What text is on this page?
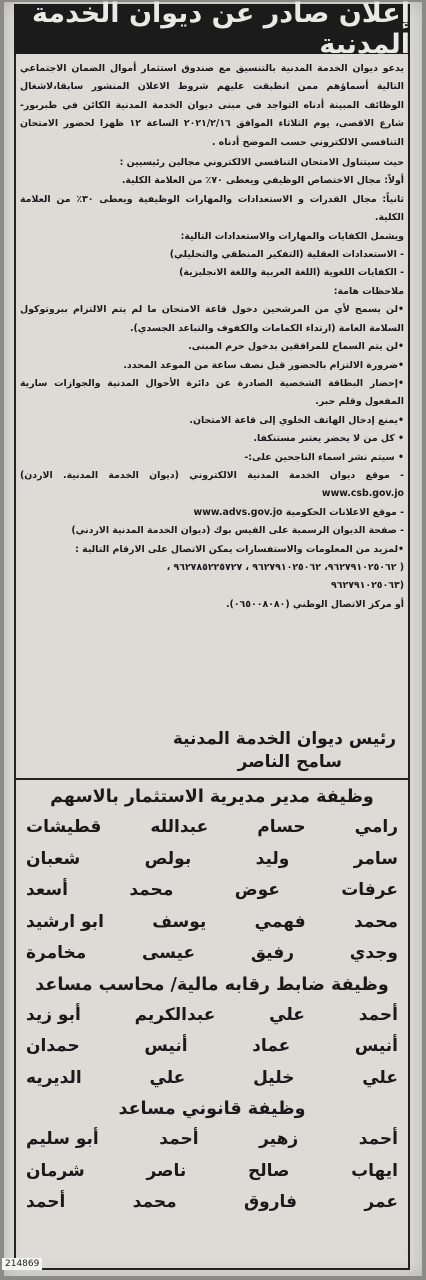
إعلان صادر عن ديوان الخدمة المدنية

يدعو ديوان الخدمة المدنية بالتنسيق مع صندوق استثمار أموال الضمان الاجتماعي التالية أسماؤهم ممن انطبقت عليهم شروط الاعلان المنشور سابقا،لاشغال الوظائف المبينة أدناه التواجد في مبنى ديوان الخدمة المدنية الكائن في طبربور- شارع الاقصى، يوم الثلاثاء الموافق ٢٠٢١/٢/١٦ الساعة ١٢ ظهرا لحضور الامتحان التنافسي الالكتروني حسب الموضح أدناه .

حيث سيتناول الامتحان التنافسي الالكتروني مجالين رئيسيين :

أولاً: مجال الاختصاص الوظيفي ويعطى ٧٠٪ من العلامة الكلية.

ثانياً: مجال القدرات و الاستعدادات والمهارات الوظيفية ويعطى ٣٠٪ من العلامة الكلية.

ويشمل الكفايات والمهارات والاستعدادات التالية:

- الاستعدادات العقلية (التفكير المنطقي والتحليلي)

- الكفايات اللغوية (اللغة العربية واللغة الانجليزية)

ملاحظات هامة:

•لن يسمح لأي من المرشحين دخول قاعة الامتحان ما لم يتم الالتزام ببروتوكول السلامة العامة (ارتداء الكمامات والكفوف والتباعد الجسدي).

•لن يتم السماح للمرافقين بدخول حرم المبنى.

•ضرورة الالتزام بالحضور قبل نصف ساعة من الموعد المحدد.

•إحضار البطاقة الشخصية الصادرة عن دائرة الأحوال المدنية والجوازات سارية المفعول وقلم حبر.

•يمنع إدخال الهاتف الخلوي إلى قاعة الامتحان.

• كل من لا يحضر يعتبر مستنكفا.

• سيتم نشر اسماء الناجحين على:-

- موقع ديوان الخدمة المدنية الالكتروني (ديوان الخدمة المدنية. الاردن) www.csb.gov.jo

- موقع الاعلانات الحكومية www.advs.gov.jo

- صفحة الديوان الرسمية على الفيس بوك (ديوان الخدمة المدنية الاردني)

•لمزيد من المعلومات والاستفسارات يمكن الاتصال على الارقام التالية :

( ٩٦٢٧٩١٠٢٥٠٦٢، ٩٦٢٧٩١٠٢٥٠٦٢ ، ٩٦٢٧٨٥٢٢٥٧٢٧ ،

(٩٦٢٧٩١٠٢٥٠٦٣

أو مركز الاتصال الوطني (٠٦٥٠٠٨٠٨٠).

رئيس ديوان الخدمة المدنية
سامح الناصر
وظيفة مدير مديرية الاستثمار بالاسهم
رامي
حسام
عبدالله
قطيشات
سامر
وليد
بولص
شعبان
عرفات
عوض
محمد
أسعد
محمد
فهمي
يوسف
ابو ارشيد
وجدي
رفيق
عيسى
مخامرة
وظيفة ضابط رقابه مالية/ محاسب مساعد
أحمد
علي
عبدالكريم
أبو زيد
أنيس
عماد
أنيس
حمدان
علي
خليل
علي
الديريه
وظيفة قانوني مساعد
أحمد
زهير
أحمد
أبو سليم
ايهاب
صالح
ناصر
شرمان
عمر
فاروق
محمد
أحمد
214869
